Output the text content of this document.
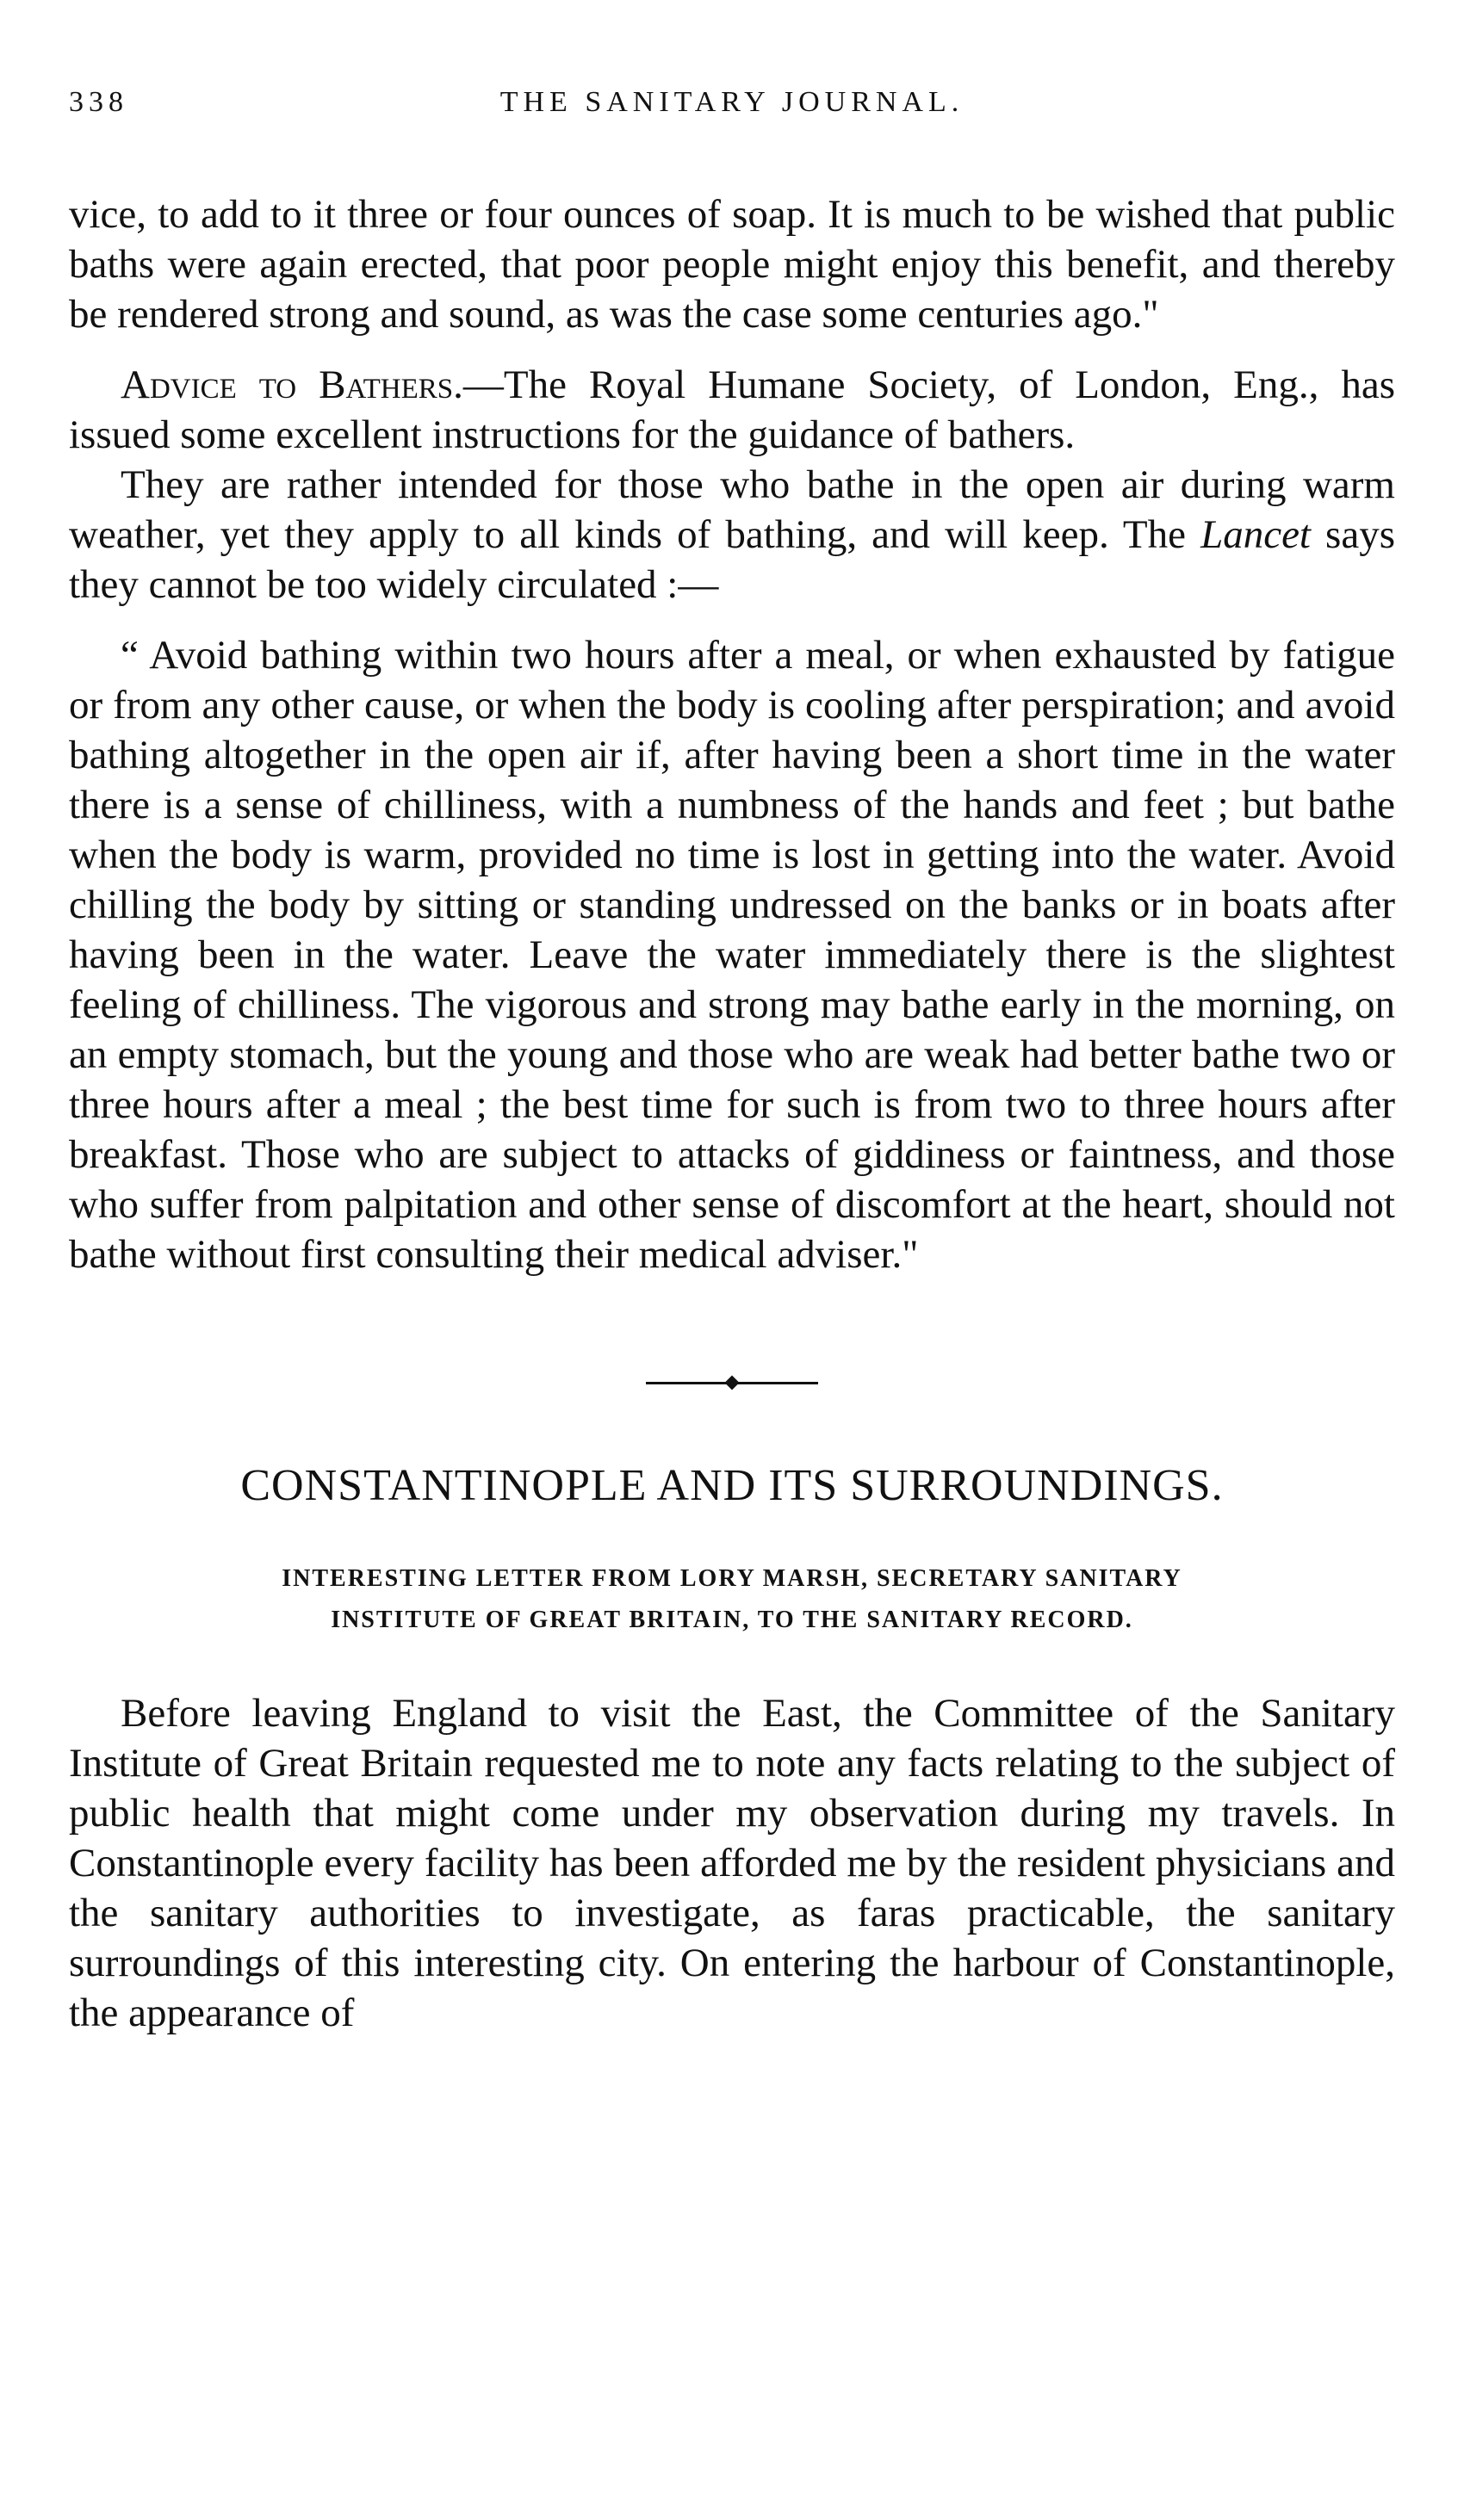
338	THE SANITARY JOURNAL.

vice, to add to it three or four ounces of soap. It is much to be wished that public baths were again erected, that poor people might enjoy this benefit, and thereby be rendered strong and sound, as was the case some centuries ago."

Advice to Bathers.—The Royal Humane Society, of London, Eng., has issued some excellent instructions for the guidance of bathers.

They are rather intended for those who bathe in the open air during warm weather, yet they apply to all kinds of bathing, and will keep. The Lancet says they cannot be too widely circulated :—

“ Avoid bathing within two hours after a meal, or when exhausted by fatigue or from any other cause, or when the body is cooling after perspiration; and avoid bathing altogether in the open air if, after having been a short time in the water there is a sense of chilliness, with a numbness of the hands and feet ; but bathe when the body is warm, provided no time is lost in getting into the water. Avoid chilling the body by sitting or standing undressed on the banks or in boats after having been in the water. Leave the water immediately there is the slightest feeling of chilliness. The vigorous and strong may bathe early in the morning, on an empty stomach, but the young and those who are weak had better bathe two or three hours after a meal ; the best time for such is from two to three hours after breakfast. Those who are subject to attacks of giddiness or faintness, and those who suffer from palpitation and other sense of discomfort at the heart, should not bathe without first consulting their medical adviser."

CONSTANTINOPLE AND ITS SURROUNDINGS.
INTERESTING LETTER FROM LORY MARSH, SECRETARY SANITARY
INSTITUTE OF GREAT BRITAIN, TO THE SANITARY RECORD.

Before leaving England to visit the East, the Committee of the Sanitary Institute of Great Britain requested me to note any facts relating to the subject of public health that might come under my observation during my travels. In Constantinople every facility has been afforded me by the resident physicians and the sanitary authorities to investigate, as faras practicable, the sanitary surroundings of this interesting city. On entering the harbour of Constantinople, the appearance of
